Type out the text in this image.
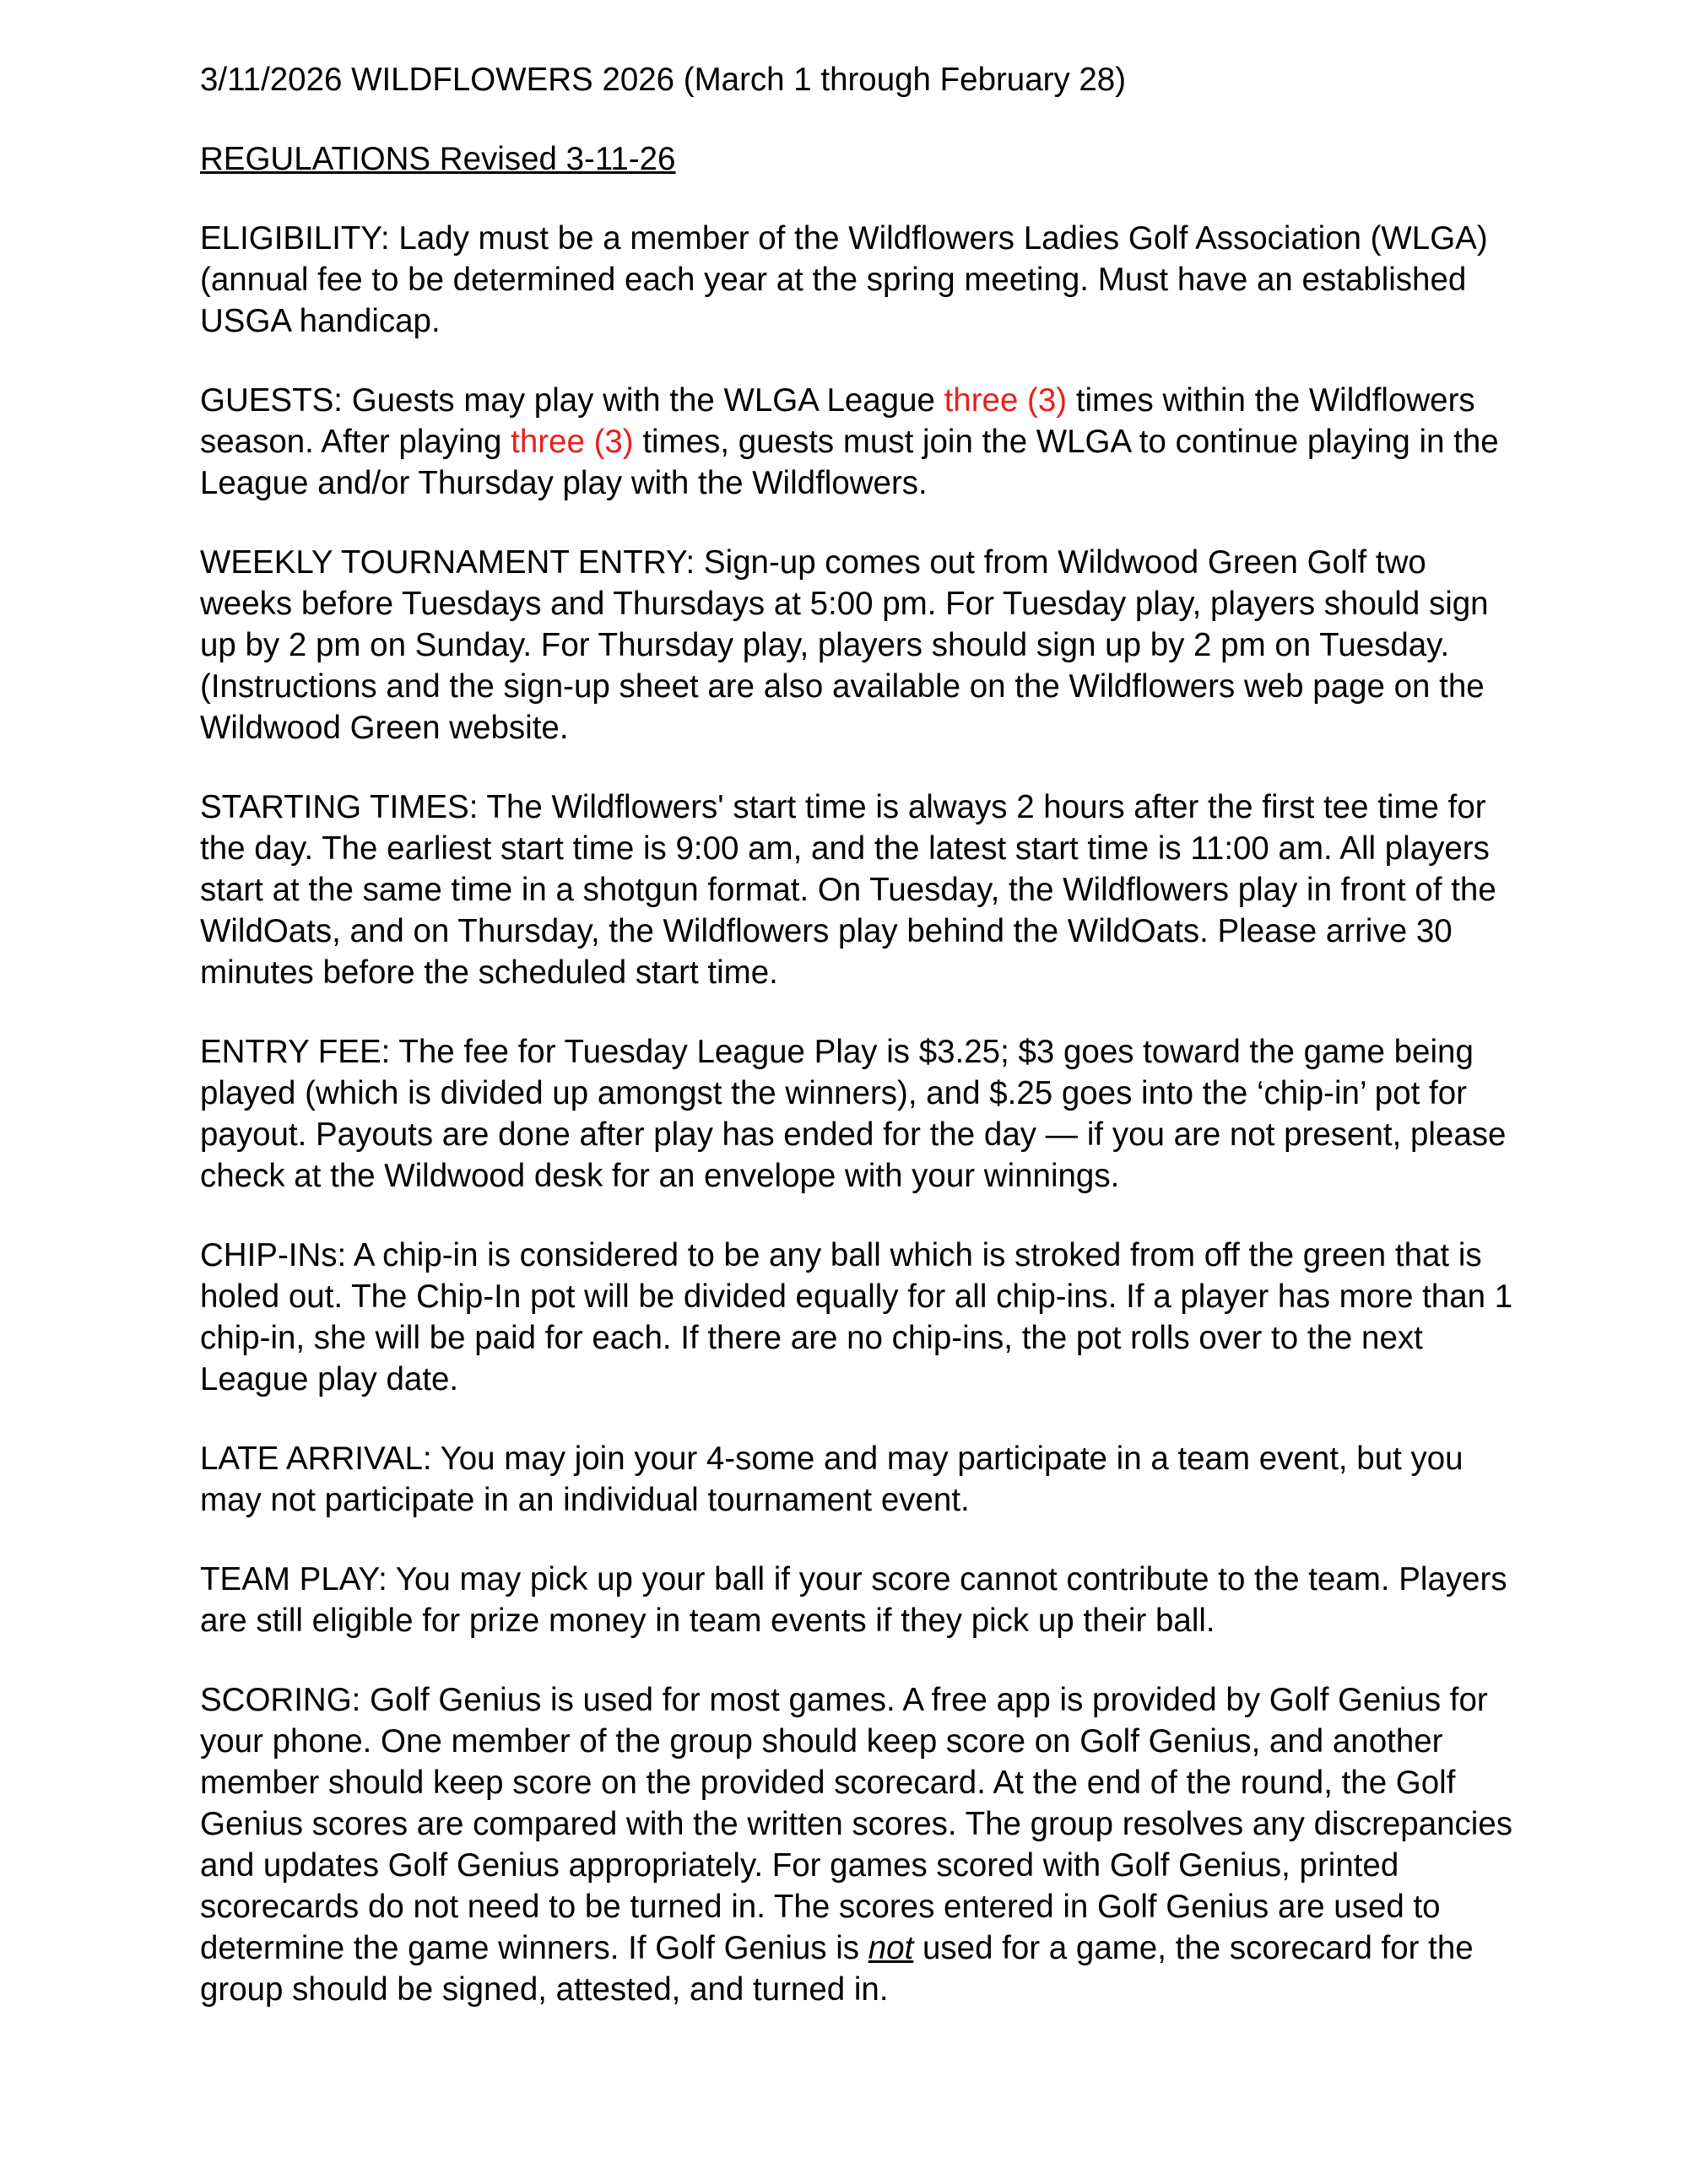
3/11/2026 WILDFLOWERS 2026 (March 1 through February 28)

REGULATIONS Revised 3-11-26

ELIGIBILITY: Lady must be a member of the Wildflowers Ladies Golf Association (WLGA) (annual fee to be determined each year at the spring meeting. Must have an established USGA handicap.

GUESTS: Guests may play with the WLGA League three (3) times within the Wildflowers season. After playing three (3) times, guests must join the WLGA to continue playing in the League and/or Thursday play with the Wildflowers.

WEEKLY TOURNAMENT ENTRY: Sign-up comes out from Wildwood Green Golf two weeks before Tuesdays and Thursdays at 5:00 pm. For Tuesday play, players should sign up by 2 pm on Sunday. For Thursday play, players should sign up by 2 pm on Tuesday. (Instructions and the sign-up sheet are also available on the Wildflowers web page on the Wildwood Green website.

STARTING TIMES: The Wildflowers' start time is always 2 hours after the first tee time for the day. The earliest start time is 9:00 am, and the latest start time is 11:00 am. All players start at the same time in a shotgun format. On Tuesday, the Wildflowers play in front of the WildOats, and on Thursday, the Wildflowers play behind the WildOats. Please arrive 30 minutes before the scheduled start time.

ENTRY FEE: The fee for Tuesday League Play is $3.25; $3 goes toward the game being played (which is divided up amongst the winners), and $.25 goes into the ‘chip-in’ pot for payout. Payouts are done after play has ended for the day — if you are not present, please check at the Wildwood desk for an envelope with your winnings.

CHIP-INs: A chip-in is considered to be any ball which is stroked from off the green that is holed out. The Chip-In pot will be divided equally for all chip-ins. If a player has more than 1 chip-in, she will be paid for each. If there are no chip-ins, the pot rolls over to the next League play date.

LATE ARRIVAL: You may join your 4-some and may participate in a team event, but you may not participate in an individual tournament event.

TEAM PLAY: You may pick up your ball if your score cannot contribute to the team. Players are still eligible for prize money in team events if they pick up their ball.

SCORING: Golf Genius is used for most games. A free app is provided by Golf Genius for your phone. One member of the group should keep score on Golf Genius, and another member should keep score on the provided scorecard. At the end of the round, the Golf Genius scores are compared with the written scores. The group resolves any discrepancies and updates Golf Genius appropriately. For games scored with Golf Genius, printed scorecards do not need to be turned in. The scores entered in Golf Genius are used to determine the game winners. If Golf Genius is not used for a game, the scorecard for the group should be signed, attested, and turned in.
